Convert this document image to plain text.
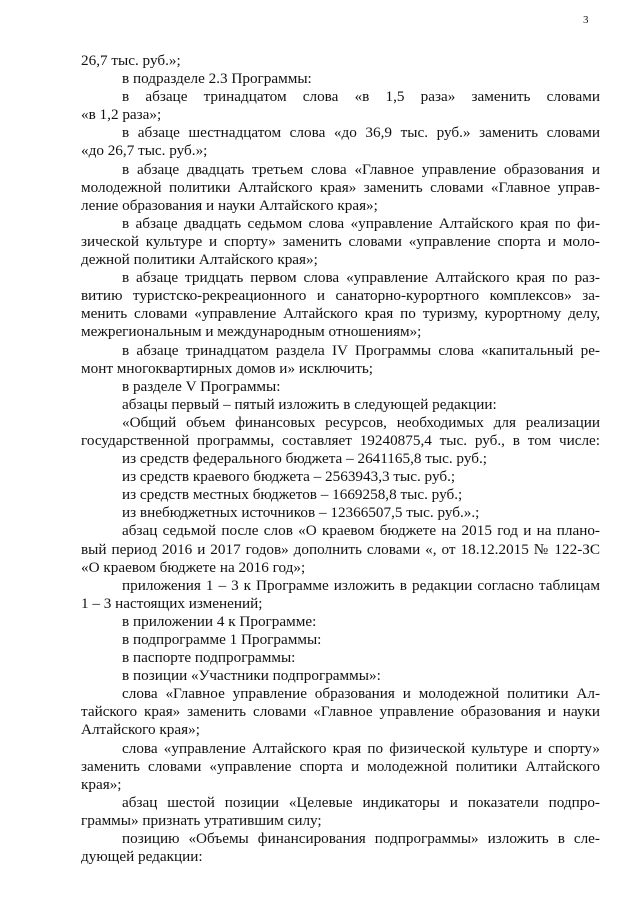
3
26,7 тыс. руб.»;
в подразделе 2.3 Программы:
в абзаце тринадцатом слова «в 1,5 раза» заменить словами
«в 1,2 раза»;
в абзаце шестнадцатом слова «до 36,9 тыс. руб.» заменить словами
«до 26,7 тыс. руб.»;
в абзаце двадцать третьем слова «Главное управление образования и
молодежной политики Алтайского края» заменить словами «Главное управ-
ление образования и науки Алтайского края»;
в абзаце двадцать седьмом слова «управление Алтайского края по фи-
зической культуре и спорту» заменить словами «управление спорта и моло-
дежной политики Алтайского края»;
в абзаце тридцать первом слова «управление Алтайского края по раз-
витию туристско-рекреационного и санаторно-курортного комплексов» за-
менить словами «управление Алтайского края по туризму, курортному делу,
межрегиональным и международным отношениям»;
в абзаце тринадцатом раздела IV Программы слова «капитальный ре-
монт многоквартирных домов и» исключить;
в разделе V Программы:
абзацы первый – пятый изложить в следующей редакции:
«Общий объем финансовых ресурсов, необходимых для реализации
государственной программы, составляет 19240875,4 тыс. руб., в том числе:
из средств федерального бюджета – 2641165,8 тыс. руб.;
из средств краевого бюджета – 2563943,3 тыс. руб.;
из средств местных бюджетов – 1669258,8 тыс. руб.;
из внебюджетных источников – 12366507,5 тыс. руб.».;
абзац седьмой после слов «О краевом бюджете на 2015 год и на плано-
вый период 2016 и 2017 годов» дополнить словами «, от 18.12.2015 № 122-ЗС
«О краевом бюджете на 2016 год»;
приложения 1 – 3 к Программе изложить в редакции согласно таблицам
1 – 3 настоящих изменений;
в приложении 4 к Программе:
в подпрограмме 1 Программы:
в паспорте подпрограммы:
в позиции «Участники подпрограммы»:
слова «Главное управление образования и молодежной политики Ал-
тайского края» заменить словами «Главное управление образования и науки
Алтайского края»;
слова «управление Алтайского края по физической культуре и спорту»
заменить словами «управление спорта и молодежной политики Алтайского
края»;
абзац шестой позиции «Целевые индикаторы и показатели подпро-
граммы» признать утратившим силу;
позицию «Объемы финансирования подпрограммы» изложить в сле-
дующей редакции:
